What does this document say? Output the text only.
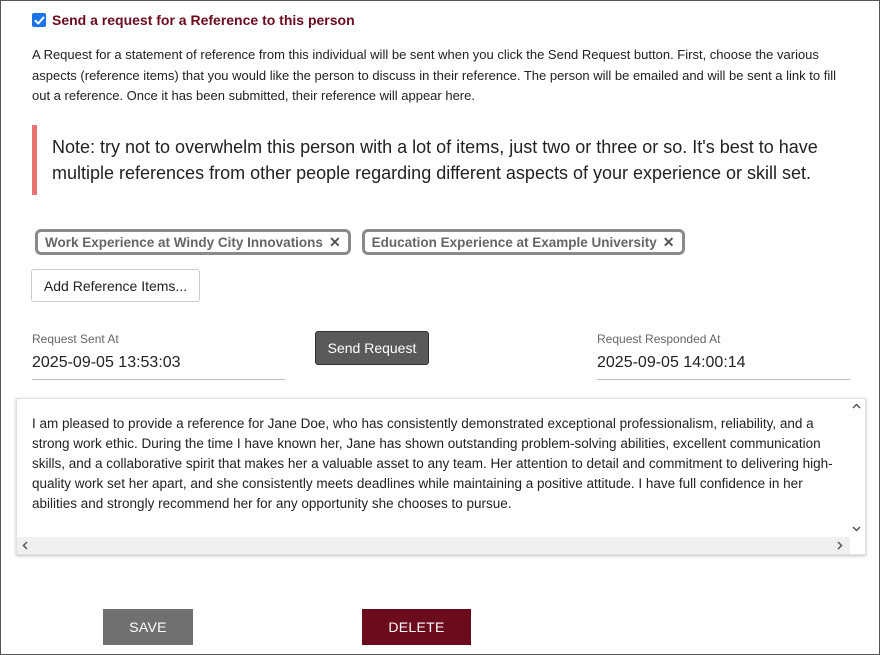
Send a request for a Reference to this person

A Request for a statement of reference from this individual will be sent when you click the Send Request button. First, choose the various aspects (reference items) that you would like the person to discuss in their reference. The person will be emailed and will be sent a link to fill out a reference. Once it has been submitted, their reference will appear here.

Note: try not to overwhelm this person with a lot of items, just two or three or so. It's best to have multiple references from other people regarding different aspects of your experience or skill set.
Work Experience at Windy City Innovations ✕ Education Experience at Example University ✕
Add Reference Items...
Request Sent At
2025-09-05 13:53:03
Send Request
Request Responded At
2025-09-05 14:00:14

I am pleased to provide a reference for Jane Doe, who has consistently demonstrated exceptional professionalism, reliability, and a strong work ethic. During the time I have known her, Jane has shown outstanding problem-solving abilities, excellent communication skills, and a collaborative spirit that makes her a valuable asset to any team. Her attention to detail and commitment to delivering high-quality work set her apart, and she consistently meets deadlines while maintaining a positive attitude. I have full confidence in her abilities and strongly recommend her for any opportunity she chooses to pursue.

SAVE	DELETE
